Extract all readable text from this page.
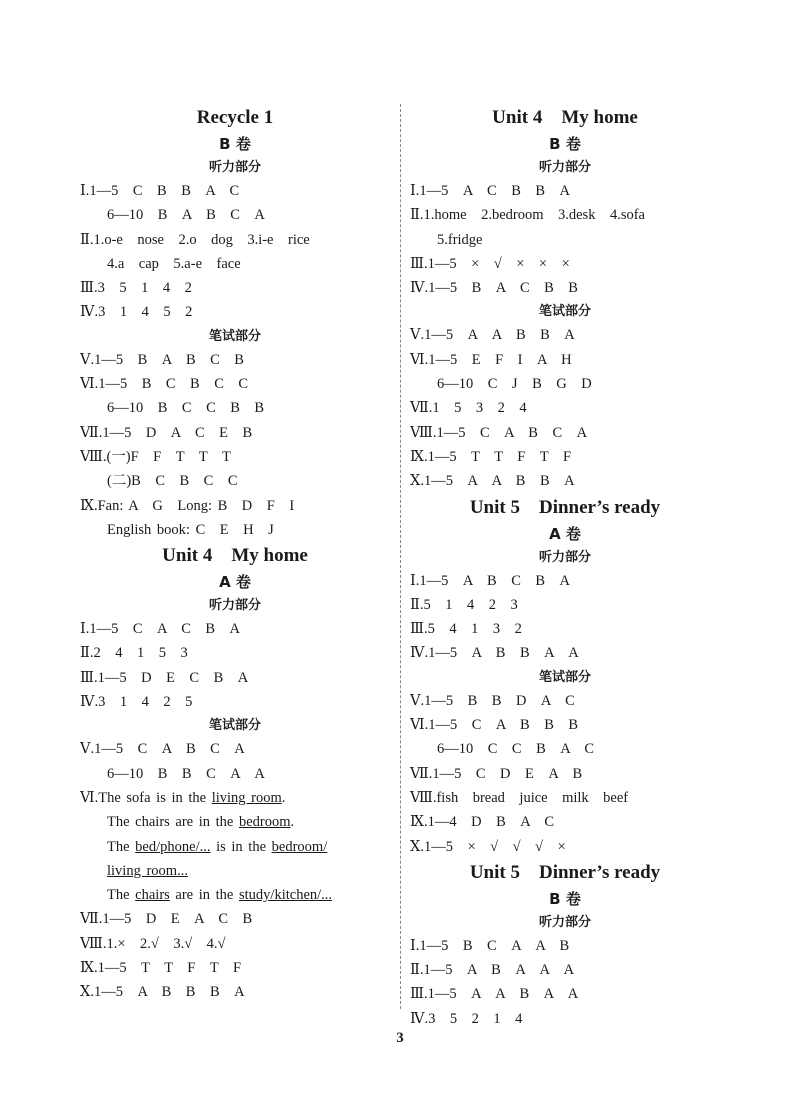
Recycle 1
B 卷
听力部分
Ⅰ.1—5　C　B　B　A　C
6—10　B　A　B　C　A
Ⅱ.1.o-e　nose　2.o　dog　3.i-e　rice
4.a　cap　5.a-e　face
Ⅲ.3　5　1　4　2
Ⅳ.3　1　4　5　2
笔试部分
Ⅴ.1—5　B　A　B　C　B
Ⅵ.1—5　B　C　B　C　C
6—10　B　C　C　B　B
Ⅶ.1—5　D　A　C　E　B
Ⅷ.(一)F　F　T　T　T
(二)B　C　B　C　C
Ⅸ.Fan: A　G　Long: B　D　F　I
English book: C　E　H　J
Unit 4　My home
A 卷
听力部分
Ⅰ.1—5　C　A　C　B　A
Ⅱ.2　4　1　5　3
Ⅲ.1—5　D　E　C　B　A
Ⅳ.3　1　4　2　5
笔试部分
Ⅴ.1—5　C　A　B　C　A
6—10　B　B　C　A　A
Ⅵ.The sofa is in the living room.
The chairs are in the bedroom.
The bed/phone/... is in the bedroom/
living room...
The chairs are in the study/kitchen/...
Ⅶ.1—5　D　E　A　C　B
Ⅷ.1.×　2.√　3.√　4.√
Ⅸ.1—5　T　T　F　T　F
Ⅹ.1—5　A　B　B　B　A
Unit 4　My home
B 卷
听力部分
Ⅰ.1—5　A　C　B　B　A
Ⅱ.1.home　2.bedroom　3.desk　4.sofa
5.fridge
Ⅲ.1—5　×　√　×　×　×
Ⅳ.1—5　B　A　C　B　B
笔试部分
Ⅴ.1—5　A　A　B　B　A
Ⅵ.1—5　E　F　I　A　H
6—10　C　J　B　G　D
Ⅶ.1　5　3　2　4
Ⅷ.1—5　C　A　B　C　A
Ⅸ.1—5　T　T　F　T　F
Ⅹ.1—5　A　A　B　B　A
Unit 5　Dinner’s ready
A 卷
听力部分
Ⅰ.1—5　A　B　C　B　A
Ⅱ.5　1　4　2　3
Ⅲ.5　4　1　3　2
Ⅳ.1—5　A　B　B　A　A
笔试部分
Ⅴ.1—5　B　B　D　A　C
Ⅵ.1—5　C　A　B　B　B
6—10　C　C　B　A　C
Ⅶ.1—5　C　D　E　A　B
Ⅷ.fish　bread　juice　milk　beef
Ⅸ.1—4　D　B　A　C
Ⅹ.1—5　×　√　√　√　×
Unit 5　Dinner’s ready
B 卷
听力部分
Ⅰ.1—5　B　C　A　A　B
Ⅱ.1—5　A　B　A　A　A
Ⅲ.1—5　A　A　B　A　A
Ⅳ.3　5　2　1　4
3
